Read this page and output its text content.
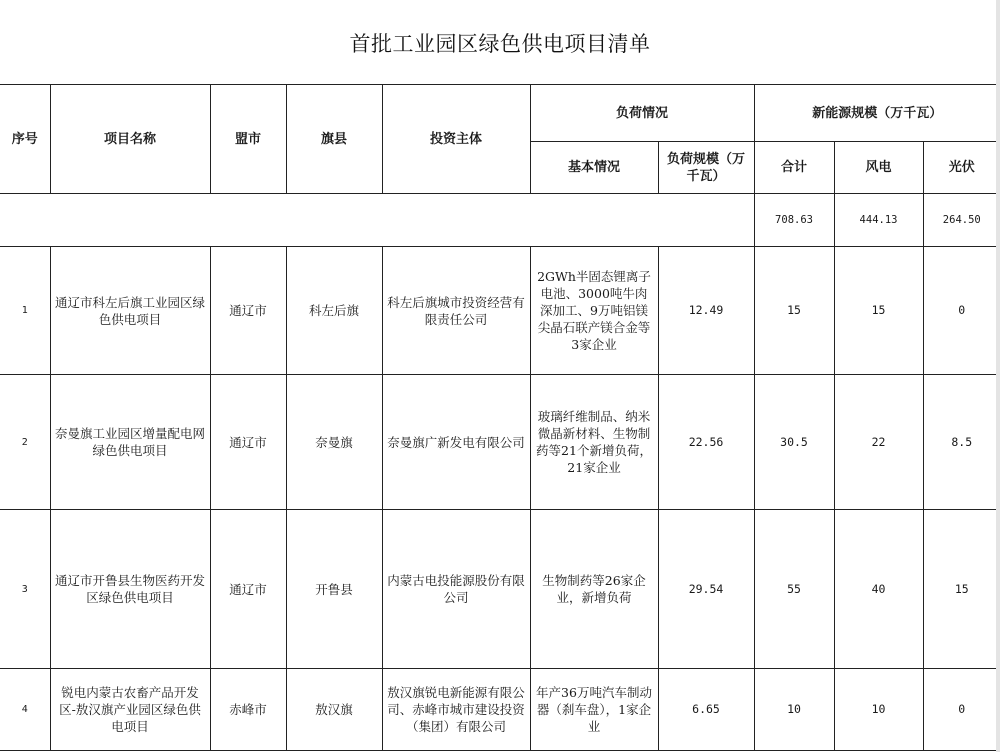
首批工业园区绿色供电项目清单
序号	项目名称	盟市	旗县	投资主体	负荷情况		新能源规模（万千瓦）		
					基本情况	负荷规模（万千瓦）	合计	风电	光伏
							708.63	444.13	264.50
1	通辽市科左后旗工业园区绿色供电项目	通辽市	科左后旗	科左后旗城市投资经营有限责任公司	2GWh半固态锂离子电池、3000吨牛肉深加工、9万吨铝镁尖晶石联产镁合金等3家企业	12.49	15	15	0
2	奈曼旗工业园区增量配电网绿色供电项目	通辽市	奈曼旗	奈曼旗广新发电有限公司	玻璃纤维制品、纳米微晶新材料、生物制药等21个新增负荷，21家企业	22.56	30.5	22	8.5
3	通辽市开鲁县生物医药开发区绿色供电项目	通辽市	开鲁县	内蒙古电投能源股份有限公司	生物制药等26家企业，新增负荷	29.54	55	40	15
4	锐电内蒙古农畜产品开发区-敖汉旗产业园区绿色供电项目	赤峰市	敖汉旗	敖汉旗锐电新能源有限公司、赤峰市城市建设投资（集团）有限公司	年产36万吨汽车制动器（刹车盘），1家企业	6.65	10	10	0
